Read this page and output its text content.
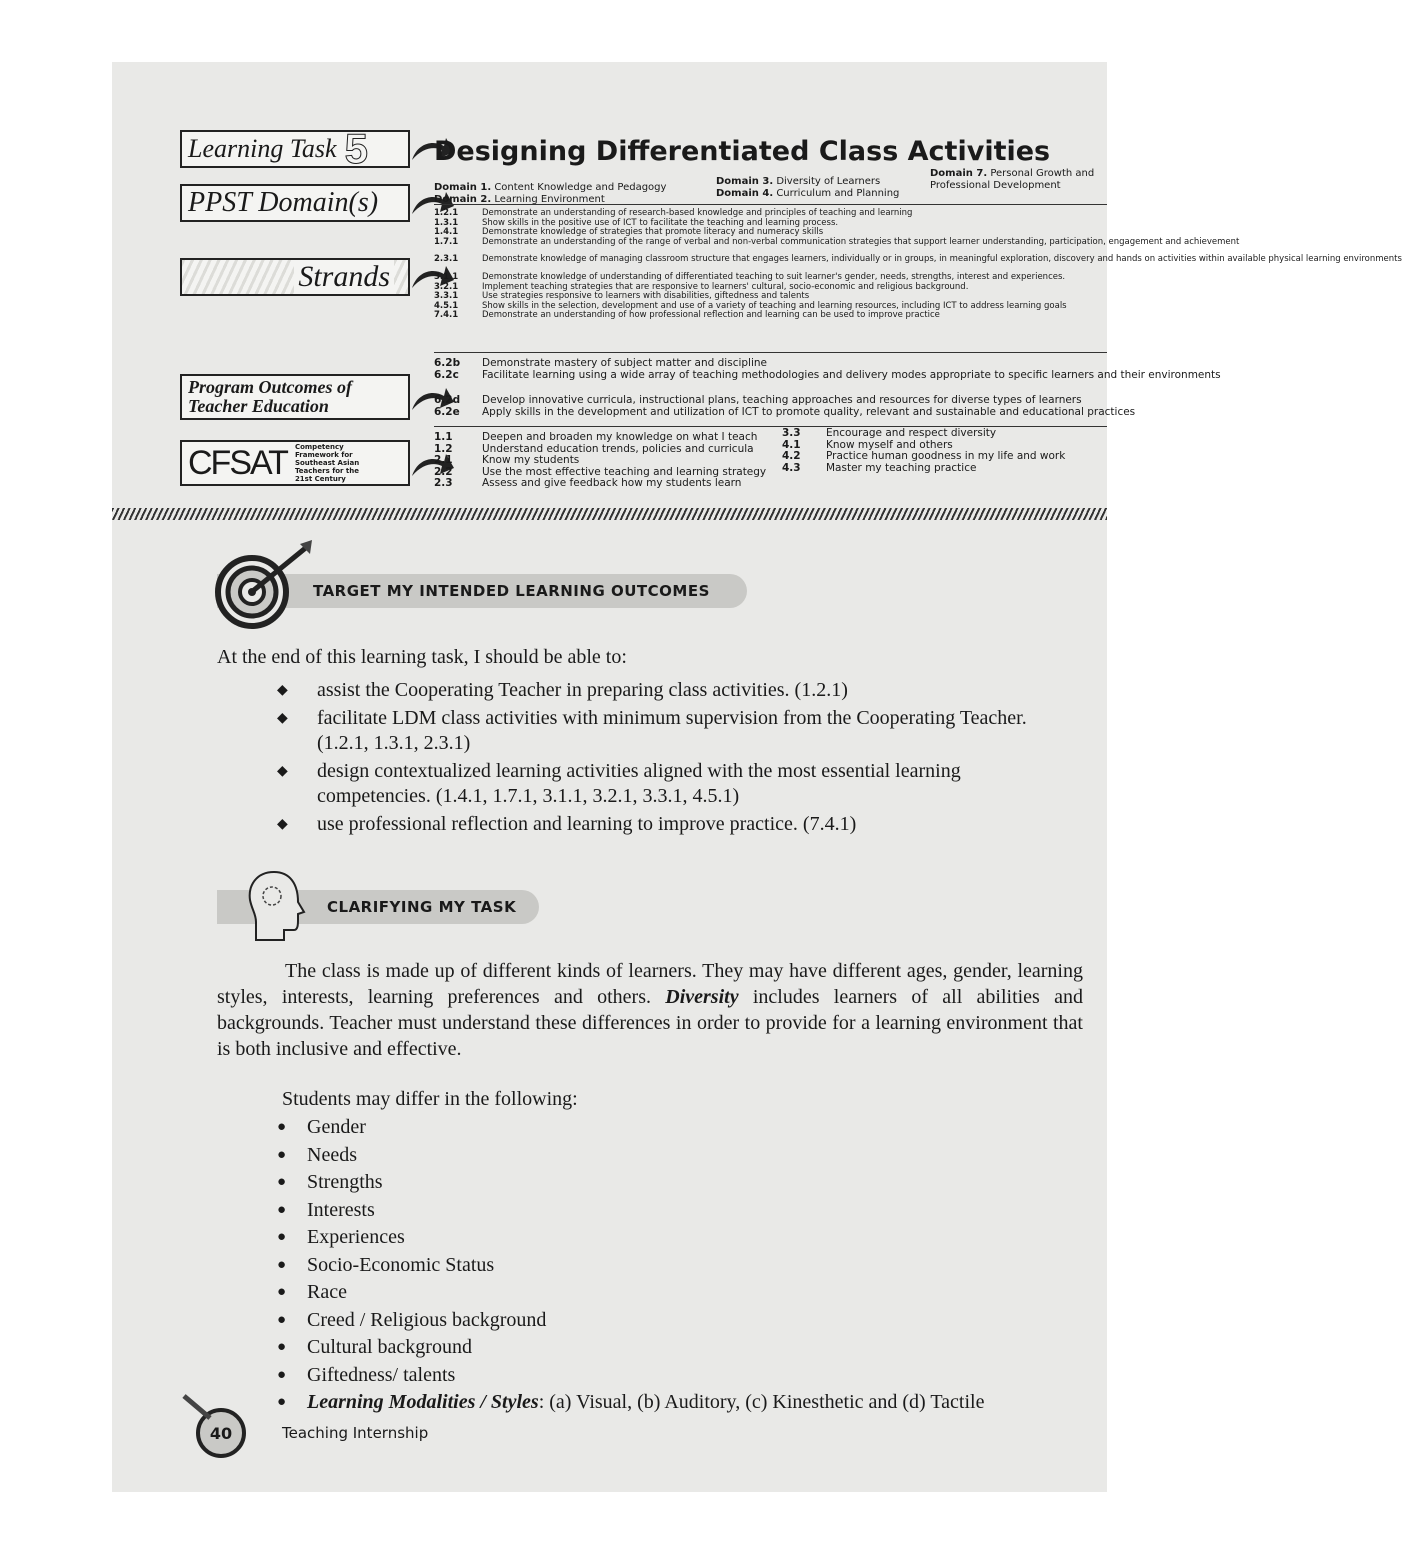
Learning Task 5
PPST Domain(s)
Strands
Program Outcomes of Teacher Education
CFSAT Competency Framework for Southeast Asian Teachers for the 21st Century
Designing Differentiated Class Activities
Domain 1. Content Knowledge and Pedagogy
Domain 2. Learning Environment
Domain 3. Diversity of Learners
Domain 4. Curriculum and Planning
Domain 7. Personal Growth and Professional Development
1.2.1	Demonstrate an understanding of research-based knowledge and principles of teaching and learning
1.3.1	Show skills in the positive use of ICT to facilitate the teaching and learning process.
1.4.1	Demonstrate knowledge of strategies that promote literacy and numeracy skills
1.7.1	Demonstrate an understanding of the range of verbal and non-verbal communication strategies that support learner understanding, participation, engagement and achievement
2.3.1	Demonstrate knowledge of managing classroom structure that engages learners, individually or in groups, in meaningful exploration, discovery and hands on activities within available physical learning environments
3.1.1	Demonstrate knowledge of understanding of differentiated teaching to suit learner's gender, needs, strengths, interest and experiences.
3.2.1	Implement teaching strategies that are responsive to learners' cultural, socio-economic and religious background.
3.3.1	Use strategies responsive to learners with disabilities, giftedness and talents
4.5.1	Show skills in the selection, development and use of a variety of teaching and learning resources, including ICT to address learning goals
7.4.1	Demonstrate an understanding of how professional reflection and learning can be used to improve practice
6.2b Demonstrate mastery of subject matter and discipline
6.2c Facilitate learning using a wide array of teaching methodologies and delivery modes appropriate to specific learners and their environments
6.2d Develop innovative curricula, instructional plans, teaching approaches and resources for diverse types of learners
6.2e Apply skills in the development and utilization of ICT to promote quality, relevant and sustainable and educational practices
1.1	Deepen and broaden my knowledge on what I teach
1.2	Understand education trends, policies and curricula
2.1	Know my students
2.2	Use the most effective teaching and learning strategy
2.3	Assess and give feedback how my students learn
3.3 Encourage and respect diversity
4.1 Know myself and others
4.2 Practice human goodness in my life and work
4.3 Master my teaching practice
TARGET MY INTENDED LEARNING OUTCOMES
At the end of this learning task, I should be able to:
◆ assist the Cooperating Teacher in preparing class activities. (1.2.1)
◆ facilitate LDM class activities with minimum supervision from the Cooperating Teacher. (1.2.1, 1.3.1, 2.3.1)
◆ design contextualized learning activities aligned with the most essential learning competencies. (1.4.1, 1.7.1, 3.1.1, 3.2.1, 3.3.1, 4.5.1)
◆ use professional reflection and learning to improve practice. (7.4.1)
CLARIFYING MY TASK
The class is made up of different kinds of learners. They may have different ages, gender, learning styles, interests, learning preferences and others. Diversity includes learners of all abilities and backgrounds. Teacher must understand these differences in order to provide for a learning environment that is both inclusive and effective.
Students may differ in the following:
● Gender
● Needs
● Strengths
● Interests
● Experiences
● Socio-Economic Status
● Race
● Creed / Religious background
● Cultural background
● Giftedness/ talents
● Learning Modalities / Styles: (a) Visual, (b) Auditory, (c) Kinesthetic and (d) Tactile
40	Teaching Internship
